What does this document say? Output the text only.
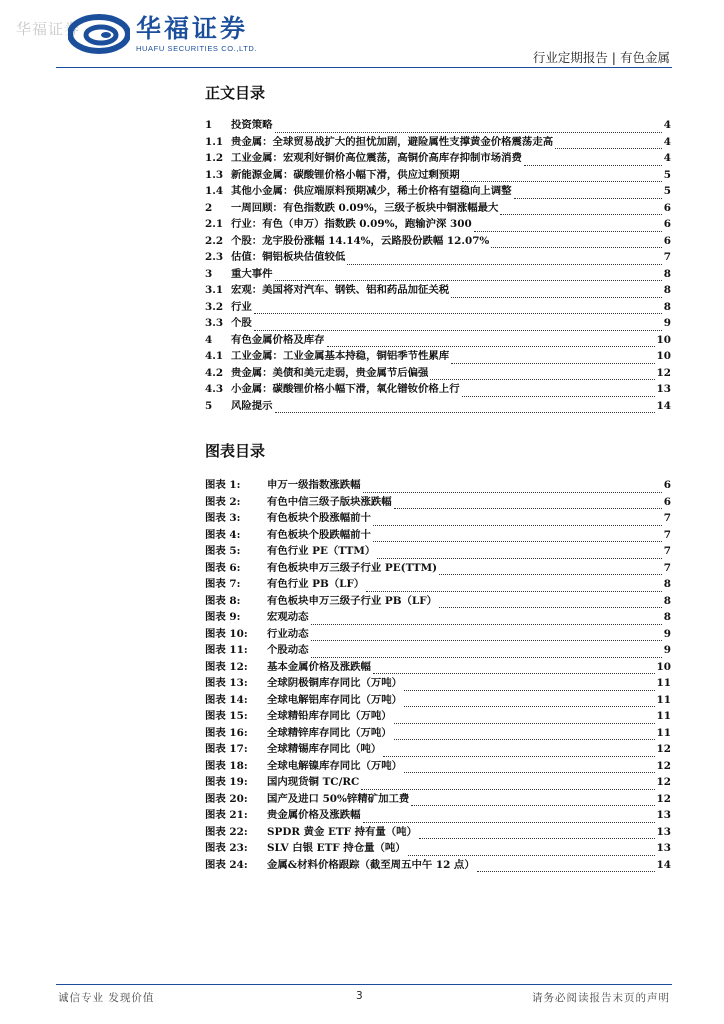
华福证券 华福证券
HUAFU SECURITIES CO.,LTD.
行业定期报告 | 有色金属
正文目录
1 投资策略	4
1.1 贵金属：全球贸易战扩大的担忧加剧，避险属性支撑黄金价格震荡走高	4
1.2 工业金属：宏观利好铜价高位震荡，高铜价高库存抑制市场消费	4
1.3 新能源金属：碳酸锂价格小幅下滑，供应过剩预期	5
1.4 其他小金属：供应端原料预期减少，稀土价格有望稳向上调整	5
2 一周回顾：有色指数跌 0.09%，三级子板块中铜涨幅最大	6
2.1 行业：有色（申万）指数跌 0.09%，跑输沪深 300	6
2.2 个股：龙宇股份涨幅 14.14%，云路股份跌幅 12.07%	6
2.3 估值：铜铝板块估值较低	7
3 重大事件	8
3.1 宏观：美国将对汽车、钢铁、铝和药品加征关税	8
3.2 行业	8
3.3 个股	9
4 有色金属价格及库存	10
4.1 工业金属：工业金属基本持稳，铜铝季节性累库	10
4.2 贵金属：美债和美元走弱，贵金属节后偏强	12
4.3 小金属：碳酸锂价格小幅下滑，氧化镨钕价格上行	13
5 风险提示	14
图表目录
图表 1:	申万一级指数涨跌幅	6
图表 2:	有色中信三级子版块涨跌幅	6
图表 3:	有色板块个股涨幅前十	7
图表 4:	有色板块个股跌幅前十	7
图表 5:	有色行业 PE（TTM）	7
图表 6:	有色板块申万三级子行业 PE(TTM)	7
图表 7:	有色行业 PB（LF）	8
图表 8:	有色板块申万三级子行业 PB（LF）	8
图表 9:	宏观动态	8
图表 10: 行业动态	9
图表 11: 个股动态	9
图表 12: 基本金属价格及涨跌幅	10
图表 13: 全球阴极铜库存同比（万吨）	11
图表 14: 全球电解铝库存同比（万吨）	11
图表 15: 全球精铅库存同比（万吨）	11
图表 16: 全球精锌库存同比（万吨）	11
图表 17: 全球精锡库存同比（吨）	12
图表 18: 全球电解镍库存同比（万吨）	12
图表 19: 国内现货铜 TC/RC	12
图表 20: 国产及进口 50%锌精矿加工费	12
图表 21: 贵金属价格及涨跌幅	13
图表 22: SPDR 黄金 ETF 持有量（吨）	13
图表 23: SLV 白银 ETF 持仓量（吨）	13
图表 24: 金属&材料价格跟踪（截至周五中午 12 点）	14
诚信专业 发现价值	3	请务必阅读报告末页的声明
